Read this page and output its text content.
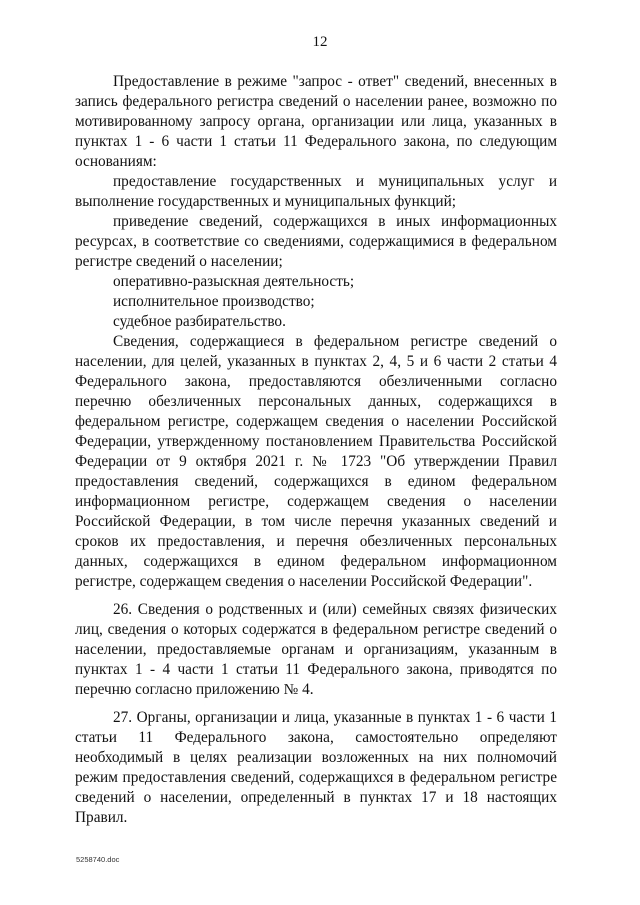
12

Предоставление в режиме "запрос - ответ" сведений, внесенных в запись федерального регистра сведений о населении ранее, возможно по мотивированному запросу органа, организации или лица, указанных в пунктах 1 - 6 части 1 статьи 11 Федерального закона, по следующим основаниям:

предоставление государственных и муниципальных услуг и выполнение государственных и муниципальных функций;

приведение сведений, содержащихся в иных информационных ресурсах, в соответствие со сведениями, содержащимися в федеральном регистре сведений о населении;

оперативно-разыскная деятельность;

исполнительное производство;

судебное разбирательство.

Сведения, содержащиеся в федеральном регистре сведений о населении, для целей, указанных в пунктах 2, 4, 5 и 6 части 2 статьи 4 Федерального закона, предоставляются обезличенными согласно перечню обезличенных персональных данных, содержащихся в федеральном регистре, содержащем сведения о населении Российской Федерации, утвержденному постановлением Правительства Российской Федерации от 9 октября 2021 г. № 1723 "Об утверждении Правил предоставления сведений, содержащихся в едином федеральном информационном регистре, содержащем сведения о населении Российской Федерации, в том числе перечня указанных сведений и сроков их предоставления, и перечня обезличенных персональных данных, содержащихся в едином федеральном информационном регистре, содержащем сведения о населении Российской Федерации".

26. Сведения о родственных и (или) семейных связях физических лиц, сведения о которых содержатся в федеральном регистре сведений о населении, предоставляемые органам и организациям, указанным в пунктах 1 - 4 части 1 статьи 11 Федерального закона, приводятся по перечню согласно приложению № 4.

27. Органы, организации и лица, указанные в пунктах 1 - 6 части 1 статьи 11 Федерального закона, самостоятельно определяют необходимый в целях реализации возложенных на них полномочий режим предоставления сведений, содержащихся в федеральном регистре сведений о населении, определенный в пунктах 17 и 18 настоящих Правил.

5258740.doc
